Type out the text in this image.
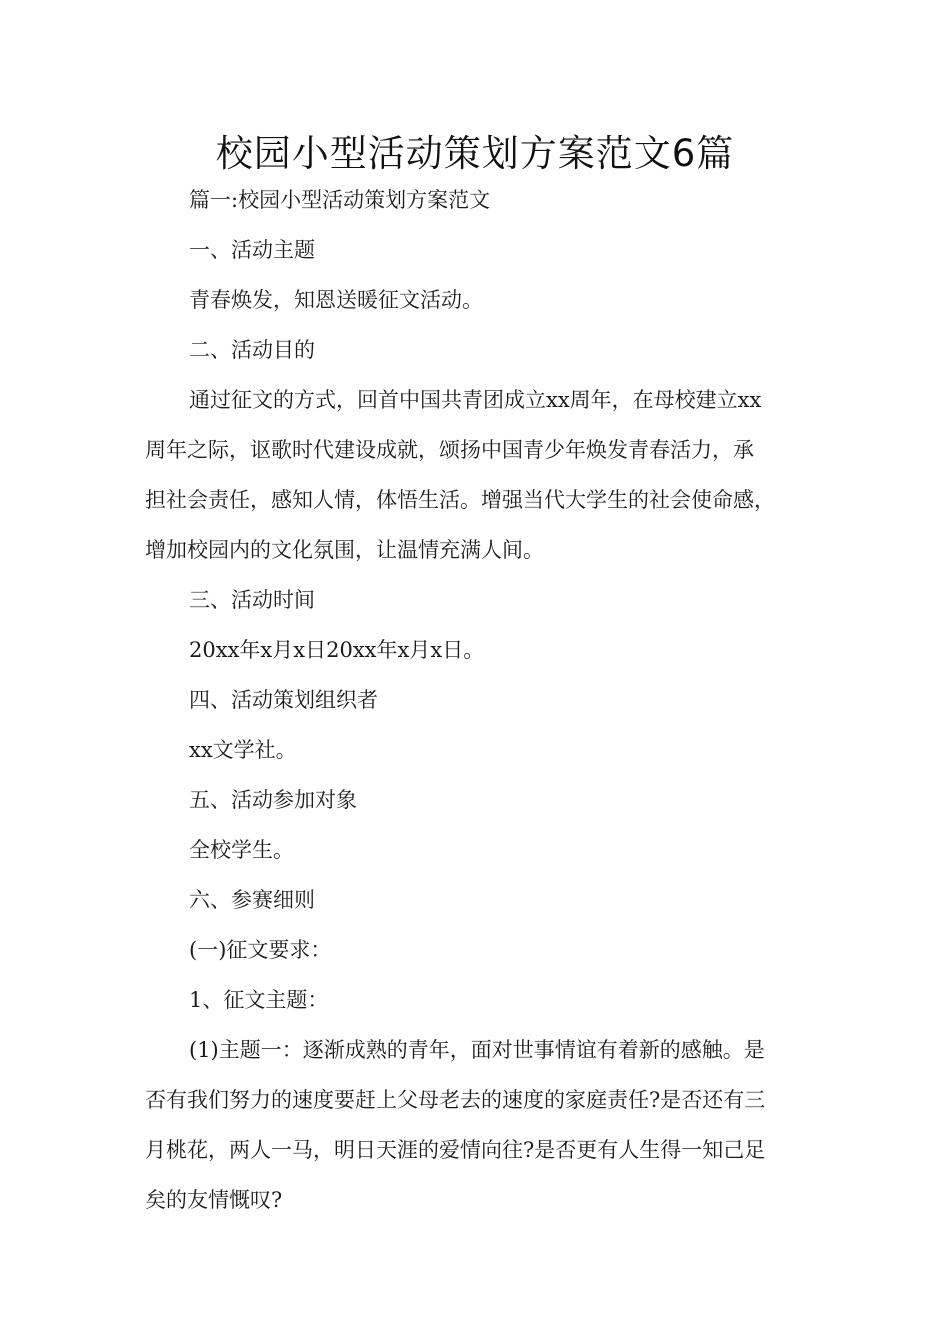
校园小型活动策划方案范文6篇

篇一:校园小型活动策划方案范文

一、活动主题

青春焕发，知恩送暖征文活动。

二、活动目的

通过征文的方式，回首中国共青团成立xx周年，在母校建立xx

周年之际，讴歌时代建设成就，颂扬中国青少年焕发青春活力，承

担社会责任，感知人情，体悟生活。增强当代大学生的社会使命感，

增加校园内的文化氛围，让温情充满人间。

三、活动时间

20xx年x月x日20xx年x月x日。

四、活动策划组织者

xx文学社。

五、活动参加对象

全校学生。

六、参赛细则

(一)征文要求：

1、征文主题：

(1)主题一：逐渐成熟的青年，面对世事情谊有着新的感触。是

否有我们努力的速度要赶上父母老去的速度的家庭责任?是否还有三

月桃花，两人一马，明日天涯的爱情向往?是否更有人生得一知己足

矣的友情慨叹?
